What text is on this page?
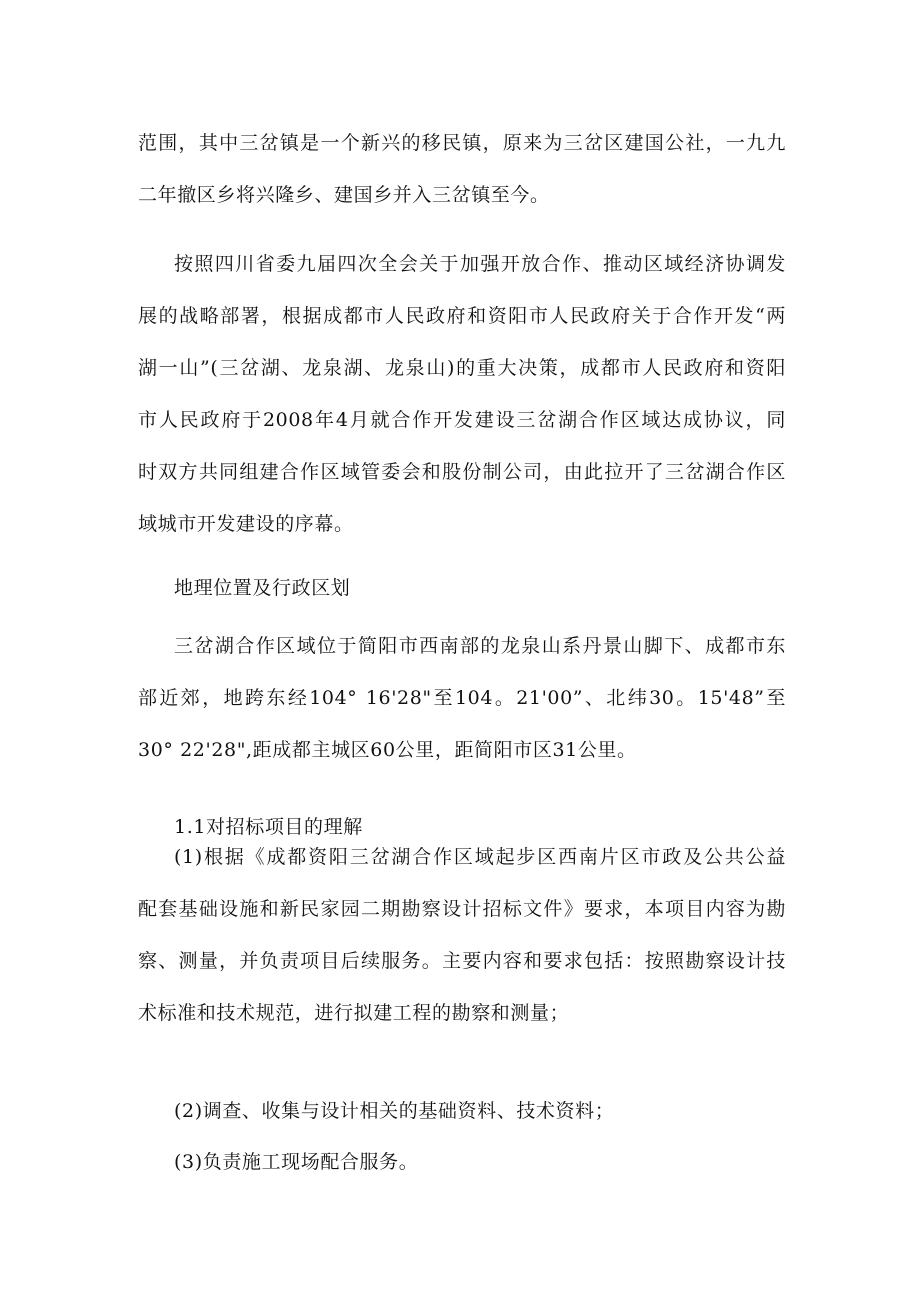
范围，其中三岔镇是一个新兴的移民镇，原来为三岔区建国公社，一九九
二年撤区乡将兴隆乡、建国乡并入三岔镇至今。
按照四川省委九届四次全会关于加强开放合作、推动区域经济协调发
展的战略部署，根据成都市人民政府和资阳市人民政府关于合作开发“两
湖一山”(三岔湖、龙泉湖、龙泉山)的重大决策，成都市人民政府和资阳
市人民政府于2008年4月就合作开发建设三岔湖合作区域达成协议，同
时双方共同组建合作区域管委会和股份制公司，由此拉开了三岔湖合作区
域城市开发建设的序幕。
地理位置及行政区划
三岔湖合作区域位于简阳市西南部的龙泉山系丹景山脚下、成都市东
部近郊，地跨东经104° 16'28"至104。21'00”、北纬30。15'48”至
30° 22'28",距成都主城区60公里，距简阳市区31公里。
1.1对招标项目的理解
(1)根据《成都资阳三岔湖合作区域起步区西南片区市政及公共公益
配套基础设施和新民家园二期勘察设计招标文件》要求，本项目内容为勘
察、测量，并负责项目后续服务。主要内容和要求包括：按照勘察设计技
术标准和技术规范，进行拟建工程的勘察和测量；
(2)调查、收集与设计相关的基础资料、技术资料；
(3)负责施工现场配合服务。
